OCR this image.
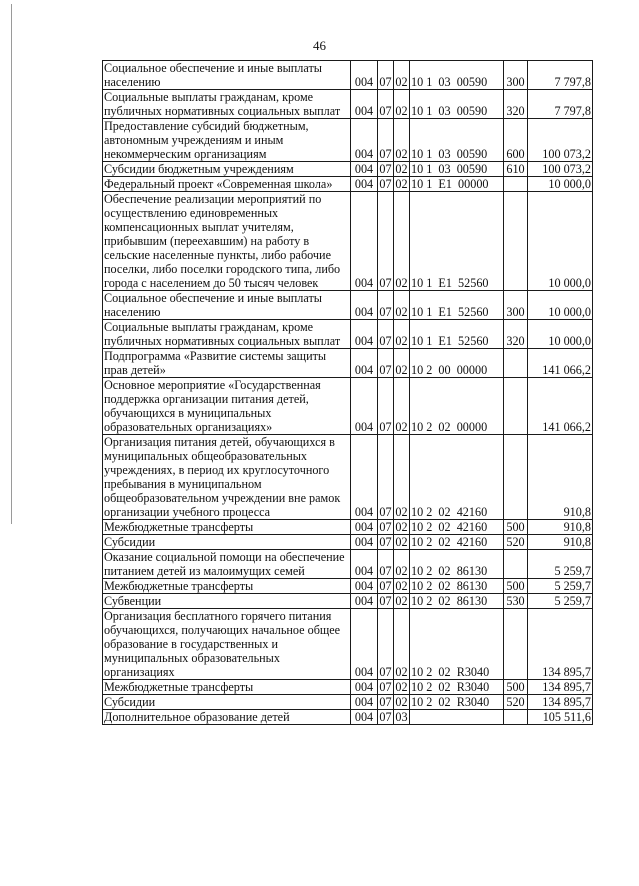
46
Социальное обеспечение и иные выплаты населению	004	07	02	10 1  03  00590	300	7 797,8
Социальные выплаты гражданам, кроме публичных нормативных социальных выплат	004	07	02	10 1  03  00590	320	7 797,8
Предоставление субсидий бюджетным, автономным учреждениям и иным некоммерческим организациям	004	07	02	10 1  03  00590	600	100 073,2
Субсидии бюджетным учреждениям	004	07	02	10 1  03  00590	610	100 073,2
Федеральный проект «Современная школа»	004	07	02	10 1  E1  00000		10 000,0
Обеспечение реализации мероприятий по осуществлению единовременных компенсационных выплат учителям, прибывшим (переехавшим) на работу в сельские населенные пункты, либо рабочие поселки, либо поселки городского типа, либо города с населением до 50 тысяч человек	004	07	02	10 1  E1  52560		10 000,0
Социальное обеспечение и иные выплаты населению	004	07	02	10 1  E1  52560	300	10 000,0
Социальные выплаты гражданам, кроме публичных нормативных социальных выплат	004	07	02	10 1  E1  52560	320	10 000,0
Подпрограмма «Развитие системы защиты прав детей»	004	07	02	10 2  00  00000		141 066,2
Основное мероприятие «Государственная поддержка организации питания детей, обучающихся в муниципальных образовательных организациях»	004	07	02	10 2  02  00000		141 066,2
Организация питания детей, обучающихся в муниципальных общеобразовательных учреждениях, в период их круглосуточного пребывания в муниципальном общеобразовательном учреждении вне рамок организации учебного процесса	004	07	02	10 2  02  42160		910,8
Межбюджетные трансферты	004	07	02	10 2  02  42160	500	910,8
Субсидии	004	07	02	10 2  02  42160	520	910,8
Оказание социальной помощи на обеспечение питанием детей из малоимущих семей	004	07	02	10 2  02  86130		5 259,7
Межбюджетные трансферты	004	07	02	10 2  02  86130	500	5 259,7
Субвенции	004	07	02	10 2  02  86130	530	5 259,7
Организация бесплатного горячего питания обучающихся, получающих начальное общее образование в государственных и муниципальных образовательных организациях	004	07	02	10 2  02  R3040		134 895,7
Межбюджетные трансферты	004	07	02	10 2  02  R3040	500	134 895,7
Субсидии	004	07	02	10 2  02  R3040	520	134 895,7
Дополнительное образование детей	004	07	03			105 511,6
